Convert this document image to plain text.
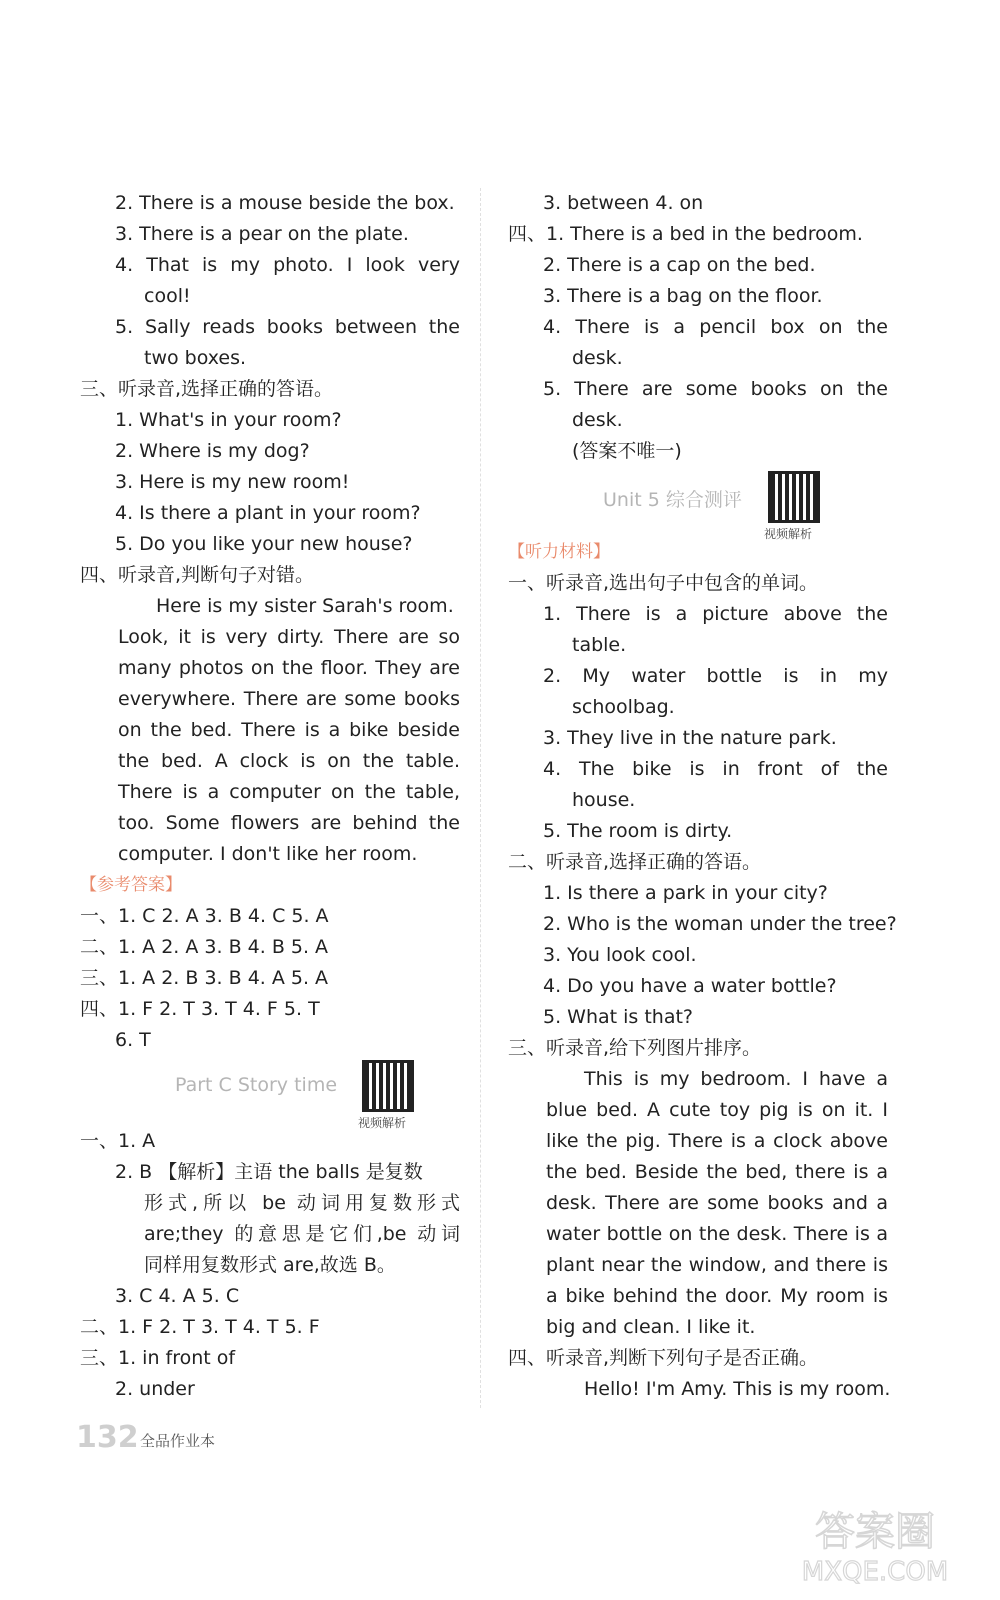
2. There is a mouse beside the box.
3. There is a pear on the plate.
4. That is my photo. I look very
cool!
5. Sally reads books between the
two boxes.
三、听录音,选择正确的答语。
1. What's in your room?
2. Where is my dog?
3. Here is my new room!
4. Is there a plant in your room?
5. Do you like your new house?
四、听录音,判断句子对错。
Here is my sister Sarah's room.
Look, it is very dirty. There are so
many photos on the floor. They are
everywhere. There are some books
on the bed. There is a bike beside
the bed. A clock is on the table.
There is a computer on the table,
too. Some flowers are behind the
computer. I don't like her room.
【参考答案】
一、1. C 2. A 3. B 4. C 5. A
二、1. A 2. A 3. B 4. B 5. A
三、1. A 2. B 3. B 4. A 5. A
四、1. F 2. T 3. T 4. F 5. T
6. T
Part C Story time
视频解析
一、1. A
2. B 【解析】主语 the balls 是复数
形式,所以 be 动词用复数形式
are;they 的意思是它们,be 动词
同样用复数形式 are,故选 B。
3. C 4. A 5. C
二、1. F 2. T 3. T 4. T 5. F
三、1. in front of
2. under
3. between 4. on
四、1. There is a bed in the bedroom.
2. There is a cap on the bed.
3. There is a bag on the floor.
4. There is a pencil box on the
desk.
5. There are some books on the
desk.
(答案不唯一)
Unit 5 综合测评
视频解析
【听力材料】
一、听录音,选出句子中包含的单词。
1. There is a picture above the
table.
2. My water bottle is in my
schoolbag.
3. They live in the nature park.
4. The bike is in front of the
house.
5. The room is dirty.
二、听录音,选择正确的答语。
1. Is there a park in your city?
2. Who is the woman under the tree?
3. You look cool.
4. Do you have a water bottle?
5. What is that?
三、听录音,给下列图片排序。
This is my bedroom. I have a
blue bed. A cute toy pig is on it. I
like the pig. There is a clock above
the bed. Beside the bed, there is a
desk. There are some books and a
water bottle on the desk. There is a
plant near the window, and there is
a bike behind the door. My room is
big and clean. I like it.
四、听录音,判断下列句子是否正确。
Hello! I'm Amy. This is my room.
132 全品作业本
答案圈
MXQE.COM
